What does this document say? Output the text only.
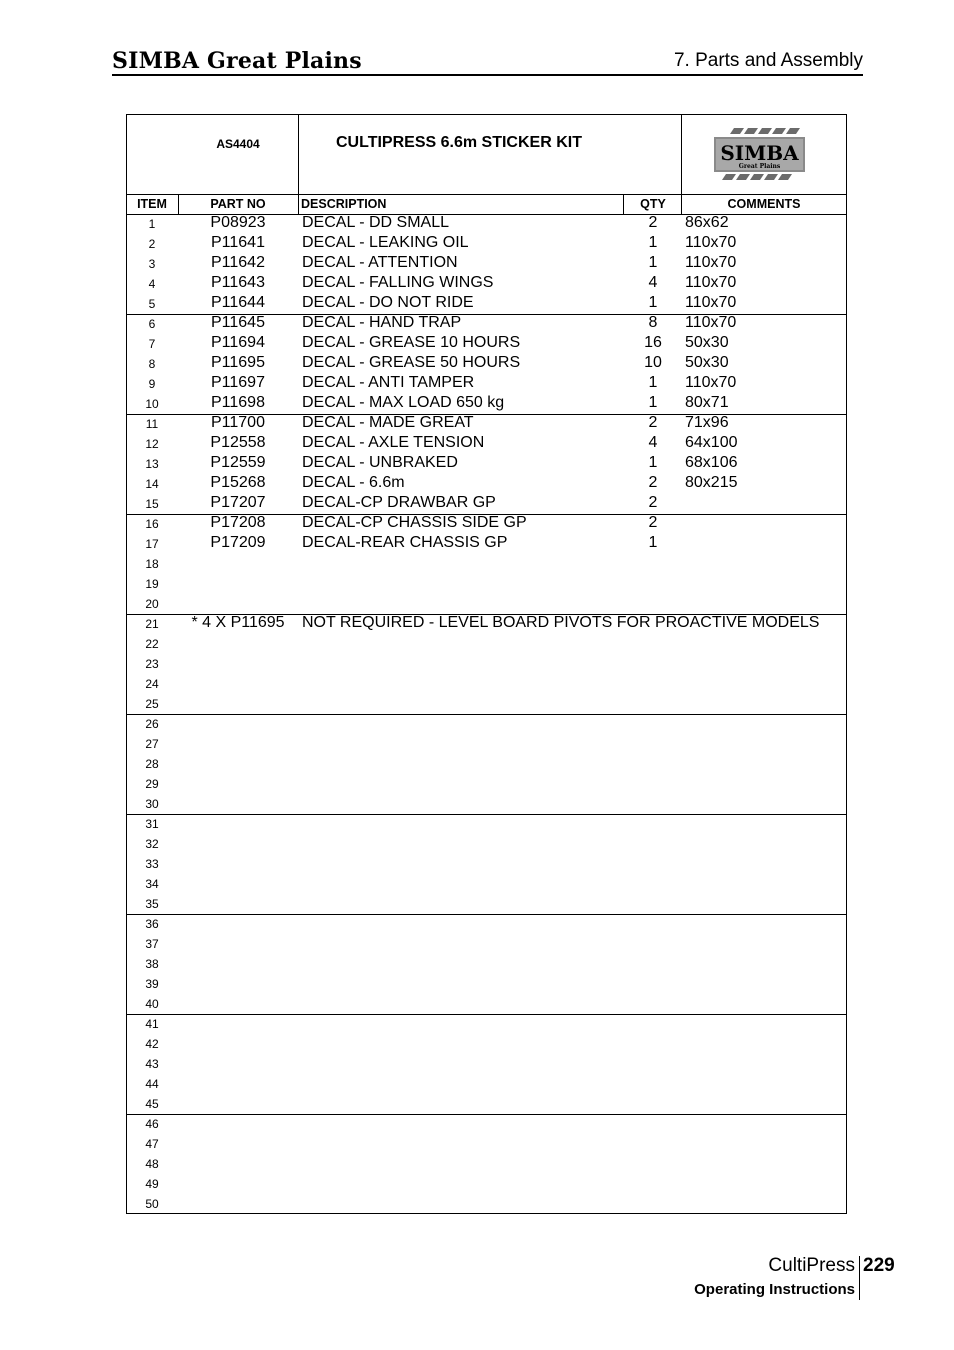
SIMBA Great Plains	7. Parts and Assembly
AS4404	CULTIPRESS 6.6m STICKER KIT	SIMBA
Great Plains
ITEM	PART NO	DESCRIPTION	QTY	COMMENTS
1	P08923	DECAL - DD SMALL	2	86x62
2	P11641	DECAL - LEAKING OIL	1	110x70
3	P11642	DECAL - ATTENTION	1	110x70
4	P11643	DECAL - FALLING WINGS	4	110x70
5	P11644	DECAL - DO NOT RIDE	1	110x70
6	P11645	DECAL - HAND TRAP	8	110x70
7	P11694	DECAL - GREASE 10 HOURS	16	50x30
8	P11695	DECAL - GREASE 50 HOURS	10	50x30
9	P11697	DECAL - ANTI TAMPER	1	110x70
10	P11698	DECAL - MAX LOAD 650 kg	1	80x71
11	P11700	DECAL - MADE GREAT	2	71x96
12	P12558	DECAL - AXLE TENSION	4	64x100
13	P12559	DECAL - UNBRAKED	1	68x106
14	P15268	DECAL - 6.6m	2	80x215
15	P17207	DECAL-CP DRAWBAR GP	2
16	P17208	DECAL-CP CHASSIS SIDE GP	2
17	P17209	DECAL-REAR CHASSIS GP	1
18
19
20
21	* 4 X P11695	NOT REQUIRED - LEVEL BOARD PIVOTS FOR PROACTIVE MODELS
22
23
24
25
26
27
28
29
30
31
32
33
34
35
36
37
38
39
40
41
42
43
44
45
46
47
48
49
50
CultiPress 229
Operating Instructions
